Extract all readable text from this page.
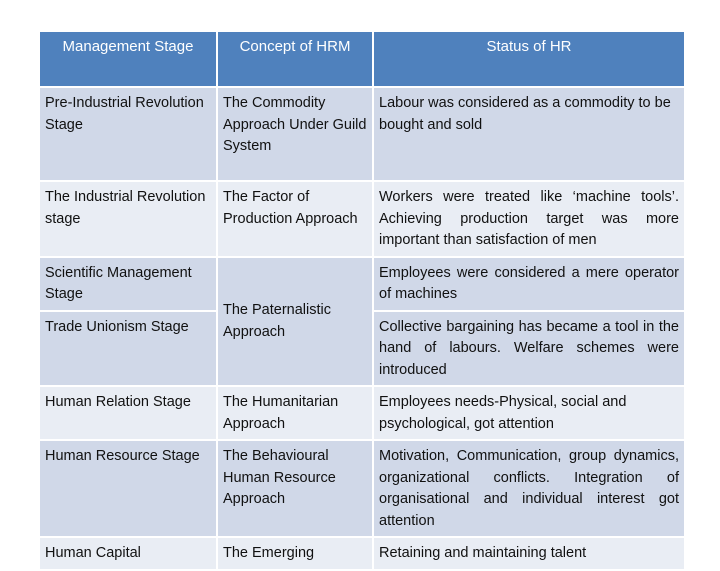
Management Stage	Concept of HRM	Status of HR
Pre-Industrial Revolution Stage	The Commodity Approach Under Guild System	Labour was considered as a commodity to be bought and sold
The Industrial Revolution stage	The Factor of Production Approach	Workers were treated like ‘machine tools’. Achieving production target was more important than satisfaction of men
Scientific Management Stage	The Paternalistic Approach	Employees were considered a mere operator of machines
Trade Unionism Stage		Collective bargaining has became a tool in the hand of labours. Welfare schemes were introduced
Human Relation Stage	The Humanitarian Approach	Employees needs-Physical, social and psychological, got attention
Human Resource Stage	The Behavioural Human Resource Approach	Motivation, Communication, group dynamics, organizational conflicts. Integration of organisational and individual interest got attention
Human Capital	The Emerging	Retaining and maintaining talent
